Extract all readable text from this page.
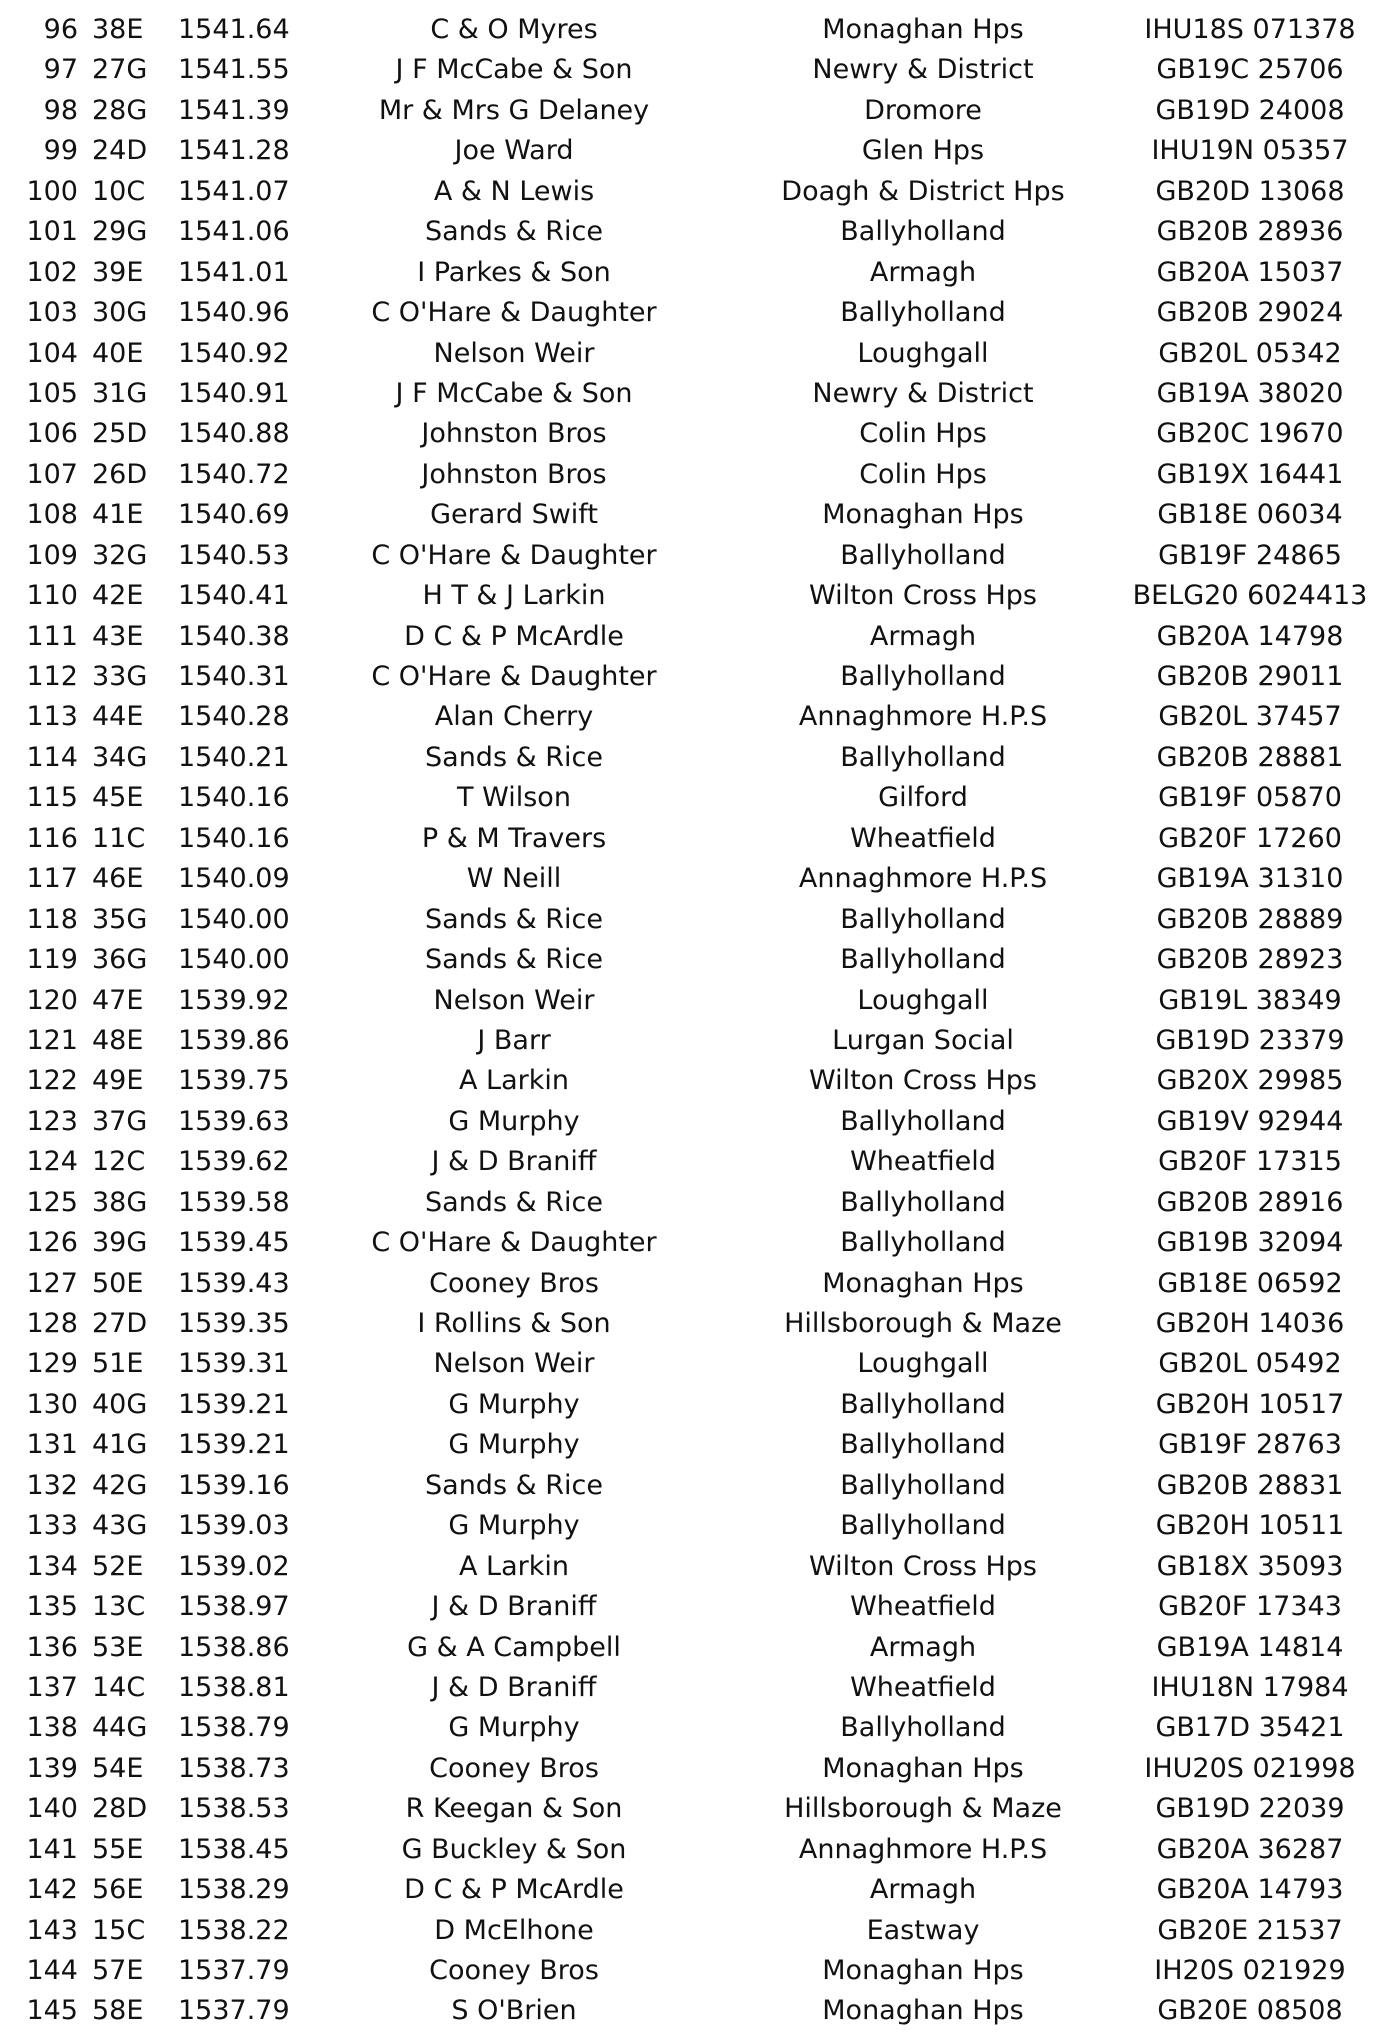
96 38E	1541.64	C & O Myres	Monaghan Hps	IHU18S 071378
97 27G 1541.55	J F McCabe & Son	Newry & District	GB19C 25706
98 28G 1541.39	Mr & Mrs G Delaney	Dromore	GB19D 24008
99 24D 1541.28	Joe Ward	Glen Hps	IHU19N 05357
100 10C	1541.07	A & N Lewis	Doagh & District Hps	GB20D 13068
101 29G 1541.06	Sands & Rice	Ballyholland	GB20B 28936
102 39E	1541.01	I Parkes & Son	Armagh	GB20A 15037
103 30G 1540.96	C O'Hare & Daughter	Ballyholland	GB20B 29024
104 40E	1540.92	Nelson Weir	Loughgall	GB20L 05342
105 31G 1540.91	J F McCabe & Son	Newry & District	GB19A 38020
106 25D 1540.88	Johnston Bros	Colin Hps	GB20C 19670
107 26D 1540.72	Johnston Bros	Colin Hps	GB19X 16441
108 41E	1540.69	Gerard Swift	Monaghan Hps	GB18E 06034
109 32G 1540.53	C O'Hare & Daughter	Ballyholland	GB19F 24865
110 42E	1540.41	H T & J Larkin	Wilton Cross Hps	BELG20 6024413
111 43E	1540.38	D C & P McArdle	Armagh	GB20A 14798
112 33G 1540.31	C O'Hare & Daughter	Ballyholland	GB20B 29011
113 44E	1540.28	Alan Cherry	Annaghmore H.P.S	GB20L 37457
114 34G 1540.21	Sands & Rice	Ballyholland	GB20B 28881
115 45E	1540.16	T Wilson	Gilford	GB19F 05870
116 11C	1540.16	P & M Travers	Wheatfield	GB20F 17260
117 46E	1540.09	W Neill	Annaghmore H.P.S	GB19A 31310
118 35G 1540.00	Sands & Rice	Ballyholland	GB20B 28889
119 36G 1540.00	Sands & Rice	Ballyholland	GB20B 28923
120 47E	1539.92	Nelson Weir	Loughgall	GB19L 38349
121 48E	1539.86	J Barr	Lurgan Social	GB19D 23379
122 49E	1539.75	A Larkin	Wilton Cross Hps	GB20X 29985
123 37G 1539.63	G Murphy	Ballyholland	GB19V 92944
124 12C	1539.62	J & D Braniff	Wheatfield	GB20F 17315
125 38G 1539.58	Sands & Rice	Ballyholland	GB20B 28916
126 39G 1539.45	C O'Hare & Daughter	Ballyholland	GB19B 32094
127 50E	1539.43	Cooney Bros	Monaghan Hps	GB18E 06592
128 27D 1539.35	I Rollins & Son	Hillsborough & Maze	GB20H 14036
129 51E	1539.31	Nelson Weir	Loughgall	GB20L 05492
130 40G 1539.21	G Murphy	Ballyholland	GB20H 10517
131 41G 1539.21	G Murphy	Ballyholland	GB19F 28763
132 42G 1539.16	Sands & Rice	Ballyholland	GB20B 28831
133 43G 1539.03	G Murphy	Ballyholland	GB20H 10511
134 52E	1539.02	A Larkin	Wilton Cross Hps	GB18X 35093
135 13C	1538.97	J & D Braniff	Wheatfield	GB20F 17343
136 53E	1538.86	G & A Campbell	Armagh	GB19A 14814
137 14C	1538.81	J & D Braniff	Wheatfield	IHU18N 17984
138 44G 1538.79	G Murphy	Ballyholland	GB17D 35421
139 54E	1538.73	Cooney Bros	Monaghan Hps	IHU20S 021998
140 28D 1538.53	R Keegan & Son	Hillsborough & Maze	GB19D 22039
141 55E	1538.45	G Buckley & Son	Annaghmore H.P.S	GB20A 36287
142 56E	1538.29	D C & P McArdle	Armagh	GB20A 14793
143 15C	1538.22	D McElhone	Eastway	GB20E 21537
144 57E	1537.79	Cooney Bros	Monaghan Hps	IH20S 021929
145 58E	1537.79	S O'Brien	Monaghan Hps	GB20E 08508
